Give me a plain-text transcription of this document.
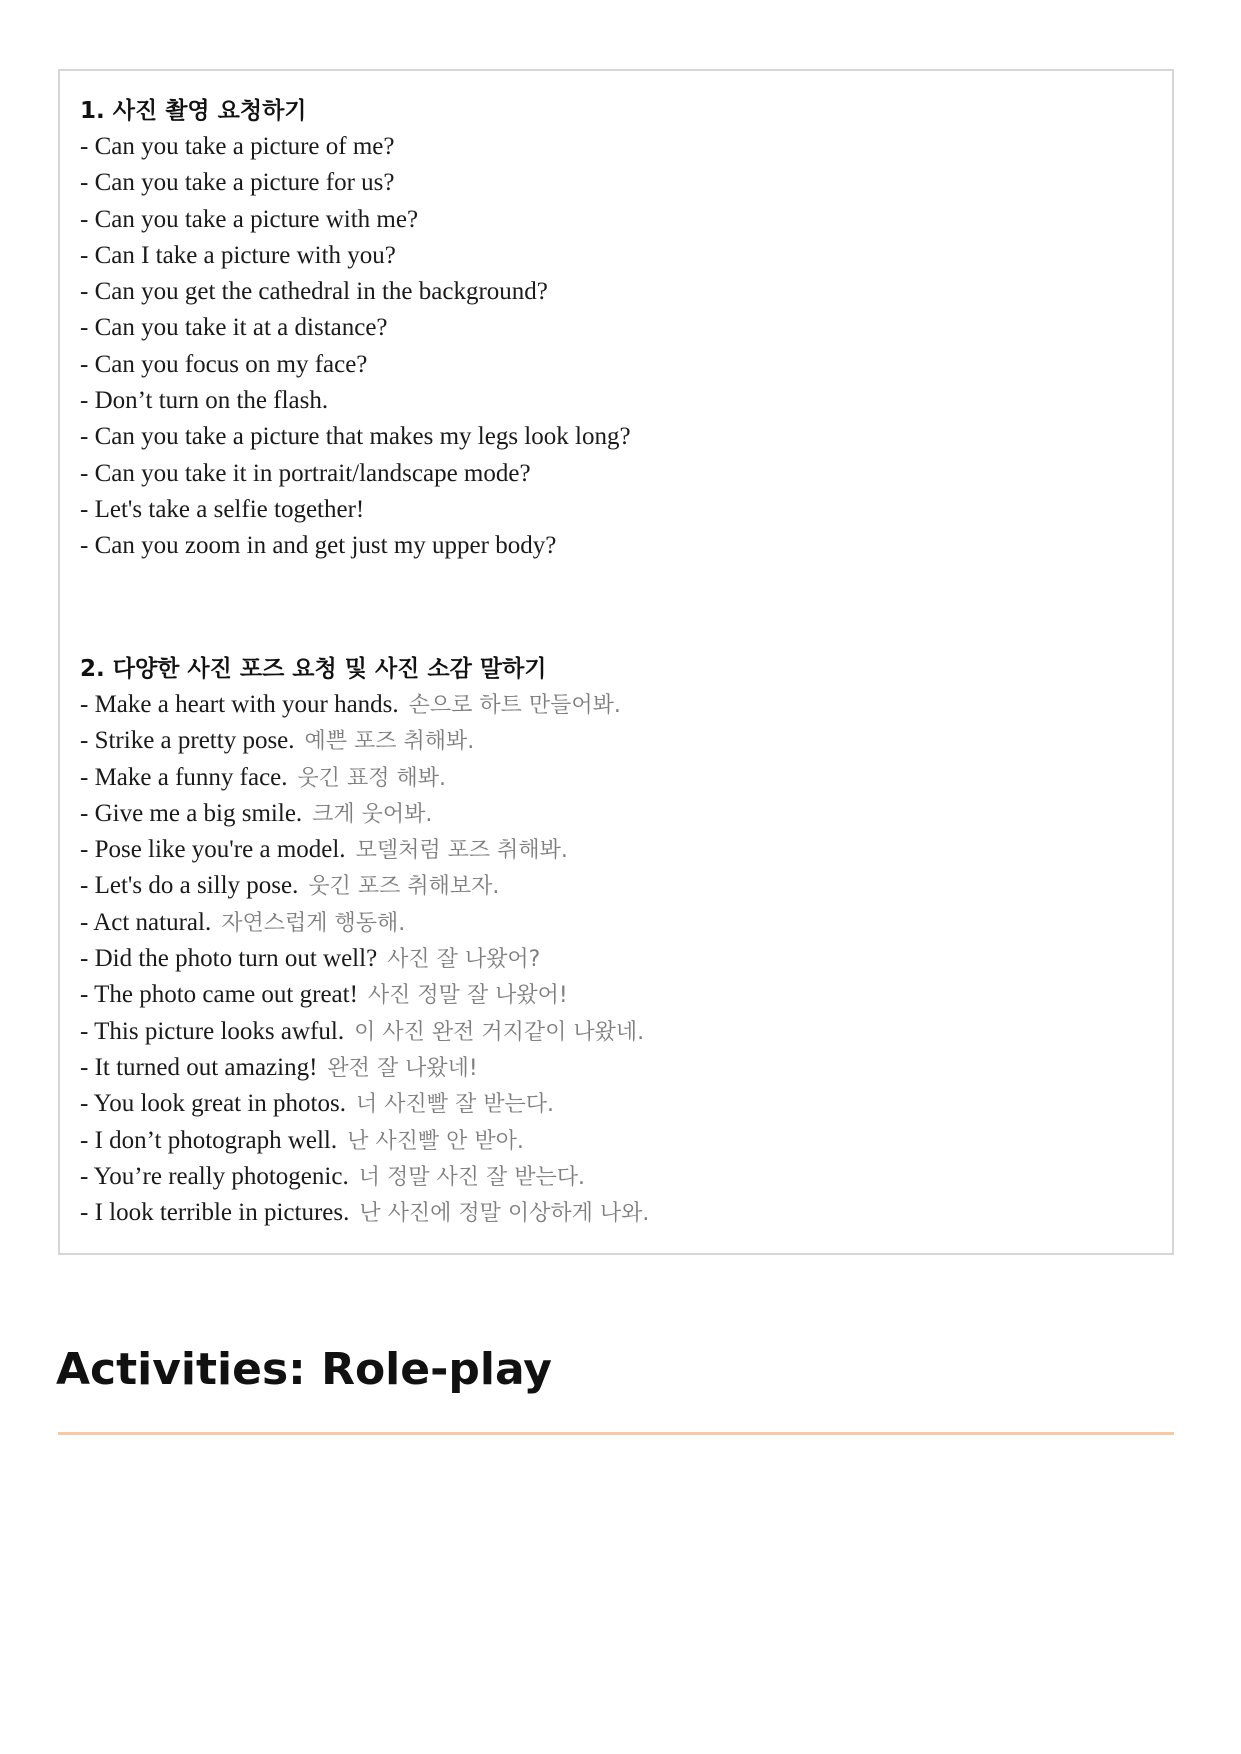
1. 사진 촬영 요청하기
- Can you take a picture of me?
- Can you take a picture for us?
- Can you take a picture with me?
- Can I take a picture with you?
- Can you get the cathedral in the background?
- Can you take it at a distance?
- Can you focus on my face?
- Don’t turn on the flash.
- Can you take a picture that makes my legs look long?
- Can you take it in portrait/landscape mode?
- Let's take a selfie together!
- Can you zoom in and get just my upper body?
2. 다양한 사진 포즈 요청 및 사진 소감 말하기
- Make a heart with your hands. 손으로 하트 만들어봐.
- Strike a pretty pose. 예쁜 포즈 취해봐.
- Make a funny face. 웃긴 표정 해봐.
- Give me a big smile. 크게 웃어봐.
- Pose like you're a model. 모델처럼 포즈 취해봐.
- Let's do a silly pose. 웃긴 포즈 취해보자.
- Act natural. 자연스럽게 행동해.
- Did the photo turn out well? 사진 잘 나왔어?
- The photo came out great! 사진 정말 잘 나왔어!
- This picture looks awful. 이 사진 완전 거지같이 나왔네.
- It turned out amazing! 완전 잘 나왔네!
- You look great in photos. 너 사진빨 잘 받는다.
- I don’t photograph well. 난 사진빨 안 받아.
- You’re really photogenic. 너 정말 사진 잘 받는다.
- I look terrible in pictures. 난 사진에 정말 이상하게 나와.
Activities: Role-play
